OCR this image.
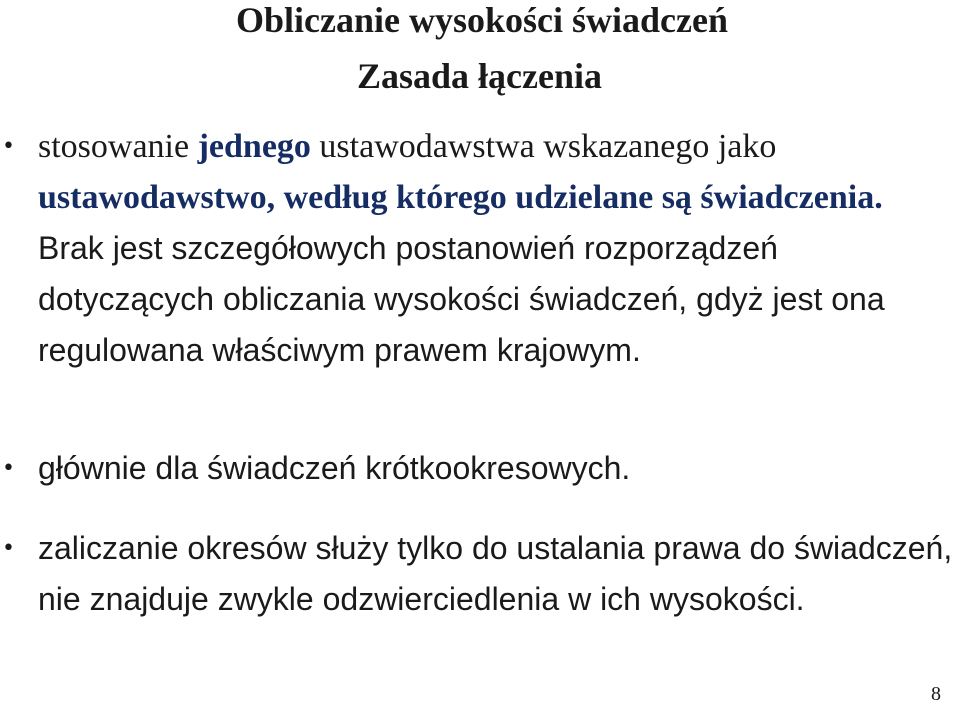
Obliczanie wysokości świadczeń
Zasada łączenia
• stosowanie jednego ustawodawstwa wskazanego jako ustawodawstwo, według którego udzielane są świadczenia. Brak jest szczegółowych postanowień rozporządzeń dotyczących obliczania wysokości świadczeń, gdyż jest ona regulowana właściwym prawem krajowym.
• głównie dla świadczeń krótkookresowych.
• zaliczanie okresów służy tylko do ustalania prawa do świadczeń, nie znajduje zwykle odzwierciedlenia w ich wysokości.
8
